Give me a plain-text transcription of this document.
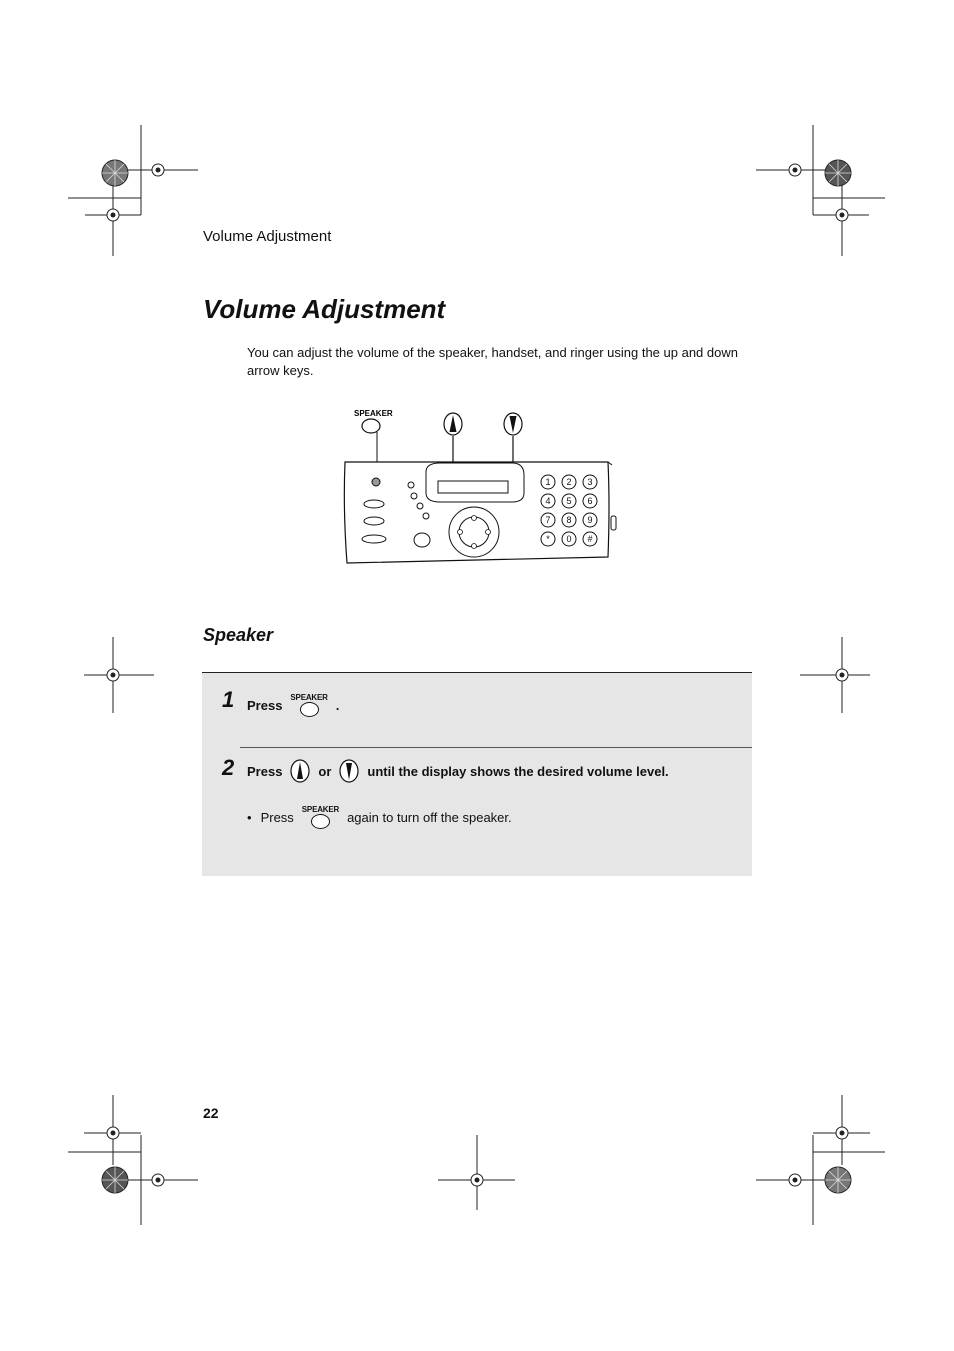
Volume Adjustment
Volume Adjustment
You can adjust the volume of the speaker, handset, and ringer using the up and down arrow keys.
SPEAKER
1 2 3
4 5 6
7 8 9
* 0 #
Speaker
1 Press SPEAKER .
2 Press	or	until the display shows the desired volume level.
• Press SPEAKER again to turn off the speaker.
22
